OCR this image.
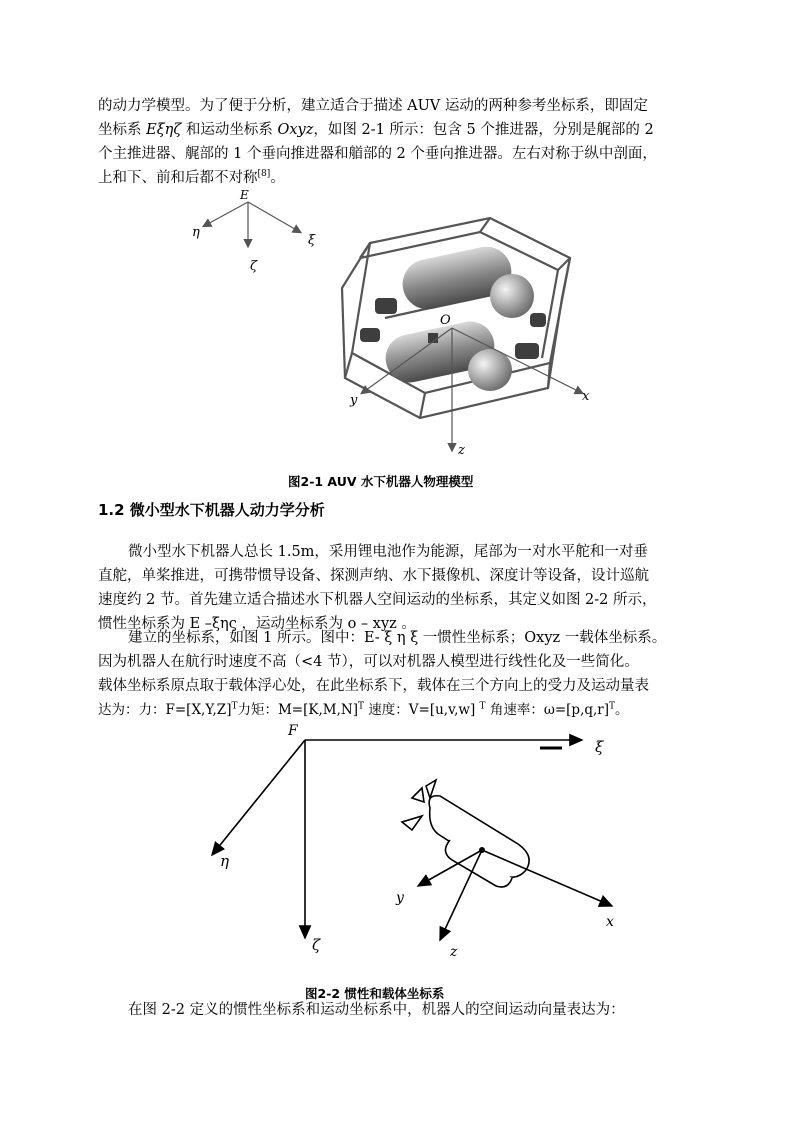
的动力学模型。为了便于分析，建立适合于描述 AUV 运动的两种参考坐标系，即固定
坐标系 Eξηζ 和运动坐标系 Oxyz，如图 2-1 所示：包含 5 个推进器，分别是艉部的 2
个主推进器、艉部的 1 个垂向推进器和艏部的 2 个垂向推进器。左右对称于纵中剖面，
上和下、前和后都不对称[8]。
E
η
ξ
ζ
O
x
y
z
图2-1 AUV 水下机器人物理模型
1.2 微小型水下机器人动力学分析
微小型水下机器人总长 1.5m，采用锂电池作为能源，尾部为一对水平舵和一对垂
直舵，单桨推进，可携带惯导设备、探测声纳、水下摄像机、深度计等设备，设计巡航
速度约 2 节。首先建立适合描述水下机器人空间运动的坐标系，其定义如图 2-2 所示，
惯性坐标系为 E –ξης ，运动坐标系为 ο – xyz 。
建立的坐标系，如图 1 所示。图中：E- ξ η ξ 一惯性坐标系；Oxyz 一载体坐标系。
因为机器人在航行时速度不高（<4 节），可以对机器人模型进行线性化及一些简化。
载体坐标系原点取于载体浮心处，在此坐标系下，载体在三个方向上的受力及运动量表
达为：力：$F=[X,Y,Z]^T$力矩：$M=[K,M,N]^T$ 速度：V=[u,v,w] $^T$ 角速率：$\omega=[p,q,r]^T$。
F
ξ
η
ζ
x
y
z
图2-2 惯性和载体坐标系
在图 2-2 定义的惯性坐标系和运动坐标系中，机器人的空间运动向量表达为：
